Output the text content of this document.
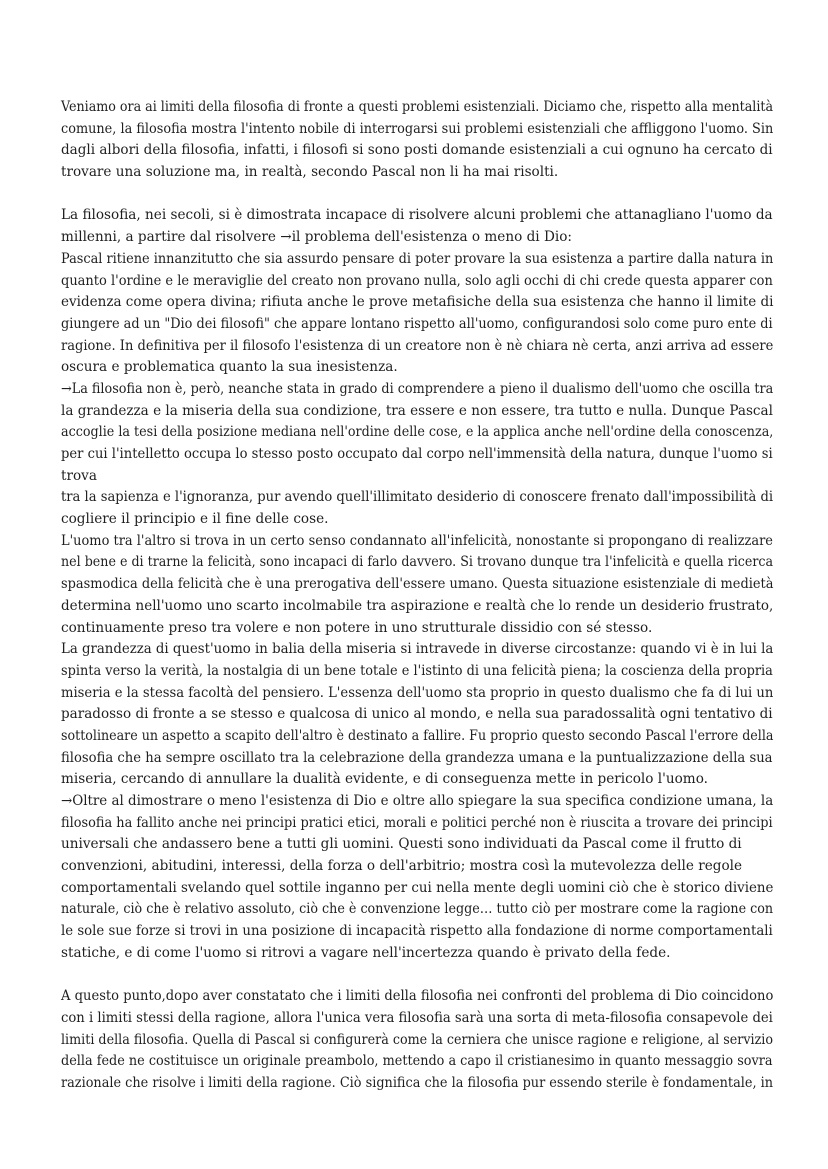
Veniamo ora ai limiti della filosofia di fronte a questi problemi esistenziali. Diciamo che, rispetto alla mentalità
comune, la filosofia mostra l'intento nobile di interrogarsi sui problemi esistenziali che affliggono l'uomo. Sin
dagli albori della filosofia, infatti, i filosofi si sono posti domande esistenziali a cui ognuno ha cercato di
trovare una soluzione ma, in realtà, secondo Pascal non li ha mai risolti.
La filosofia, nei secoli, si è dimostrata incapace di risolvere alcuni problemi che attanagliano l'uomo da
millenni, a partire dal risolvere →il problema dell'esistenza o meno di Dio:
Pascal ritiene innanzitutto che sia assurdo pensare di poter provare la sua esistenza a partire dalla natura in
quanto l'ordine e le meraviglie del creato non provano nulla, solo agli occhi di chi crede questa apparer con
evidenza come opera divina; rifiuta anche le prove metafisiche della sua esistenza che hanno il limite di
giungere ad un "Dio dei filosofi" che appare lontano rispetto all'uomo, configurandosi solo come puro ente di
ragione. In definitiva per il filosofo l'esistenza di un creatore non è nè chiara nè certa, anzi arriva ad essere
oscura e problematica quanto la sua inesistenza.
→La filosofia non è, però, neanche stata in grado di comprendere a pieno il dualismo dell'uomo che oscilla tra
la grandezza e la miseria della sua condizione, tra essere e non essere, tra tutto e nulla. Dunque Pascal
accoglie la tesi della posizione mediana nell'ordine delle cose, e la applica anche nell'ordine della conoscenza,
per cui l'intelletto occupa lo stesso posto occupato dal corpo nell'immensità della natura, dunque l'uomo si
trova
tra la sapienza e l'ignoranza, pur avendo quell'illimitato desiderio di conoscere frenato dall'impossibilità di
cogliere il principio e il fine delle cose.
L'uomo tra l'altro si trova in un certo senso condannato all'infelicità, nonostante si propongano di realizzare
nel bene e di trarne la felicità, sono incapaci di farlo davvero. Si trovano dunque tra l'infelicità e quella ricerca
spasmodica della felicità che è una prerogativa dell'essere umano. Questa situazione esistenziale di medietà
determina nell'uomo uno scarto incolmabile tra aspirazione e realtà che lo rende un desiderio frustrato,
continuamente preso tra volere e non potere in uno strutturale dissidio con sé stesso.
La grandezza di quest'uomo in balia della miseria si intravede in diverse circostanze: quando vi è in lui la
spinta verso la verità, la nostalgia di un bene totale e l'istinto di una felicità piena; la coscienza della propria
miseria e la stessa facoltà del pensiero. L'essenza dell'uomo sta proprio in questo dualismo che fa di lui un
paradosso di fronte a se stesso e qualcosa di unico al mondo, e nella sua paradossalità ogni tentativo di
sottolineare un aspetto a scapito dell'altro è destinato a fallire. Fu proprio questo secondo Pascal l'errore della
filosofia che ha sempre oscillato tra la celebrazione della grandezza umana e la puntualizzazione della sua
miseria, cercando di annullare la dualità evidente, e di conseguenza mette in pericolo l'uomo.
→Oltre al dimostrare o meno l'esistenza di Dio e oltre allo spiegare la sua specifica condizione umana, la
filosofia ha fallito anche nei principi pratici etici, morali e politici perché non è riuscita a trovare dei principi
universali che andassero bene a tutti gli uomini. Questi sono individuati da Pascal come il frutto di
convenzioni, abitudini, interessi, della forza o dell'arbitrio; mostra così la mutevolezza delle regole
comportamentali svelando quel sottile inganno per cui nella mente degli uomini ciò che è storico diviene
naturale, ciò che è relativo assoluto, ciò che è convenzione legge… tutto ciò per mostrare come la ragione con
le sole sue forze si trovi in una posizione di incapacità rispetto alla fondazione di norme comportamentali
statiche, e di come l'uomo si ritrovi a vagare nell'incertezza quando è privato della fede.
A questo punto,dopo aver constatato che i limiti della filosofia nei confronti del problema di Dio coincidono
con i limiti stessi della ragione, allora l'unica vera filosofia sarà una sorta di meta-filosofia consapevole dei
limiti della filosofia. Quella di Pascal si configurerà come la cerniera che unisce ragione e religione, al servizio
della fede ne costituisce un originale preambolo, mettendo a capo il cristianesimo in quanto messaggio sovra
razionale che risolve i limiti della ragione. Ciò significa che la filosofia pur essendo sterile è fondamentale, in
